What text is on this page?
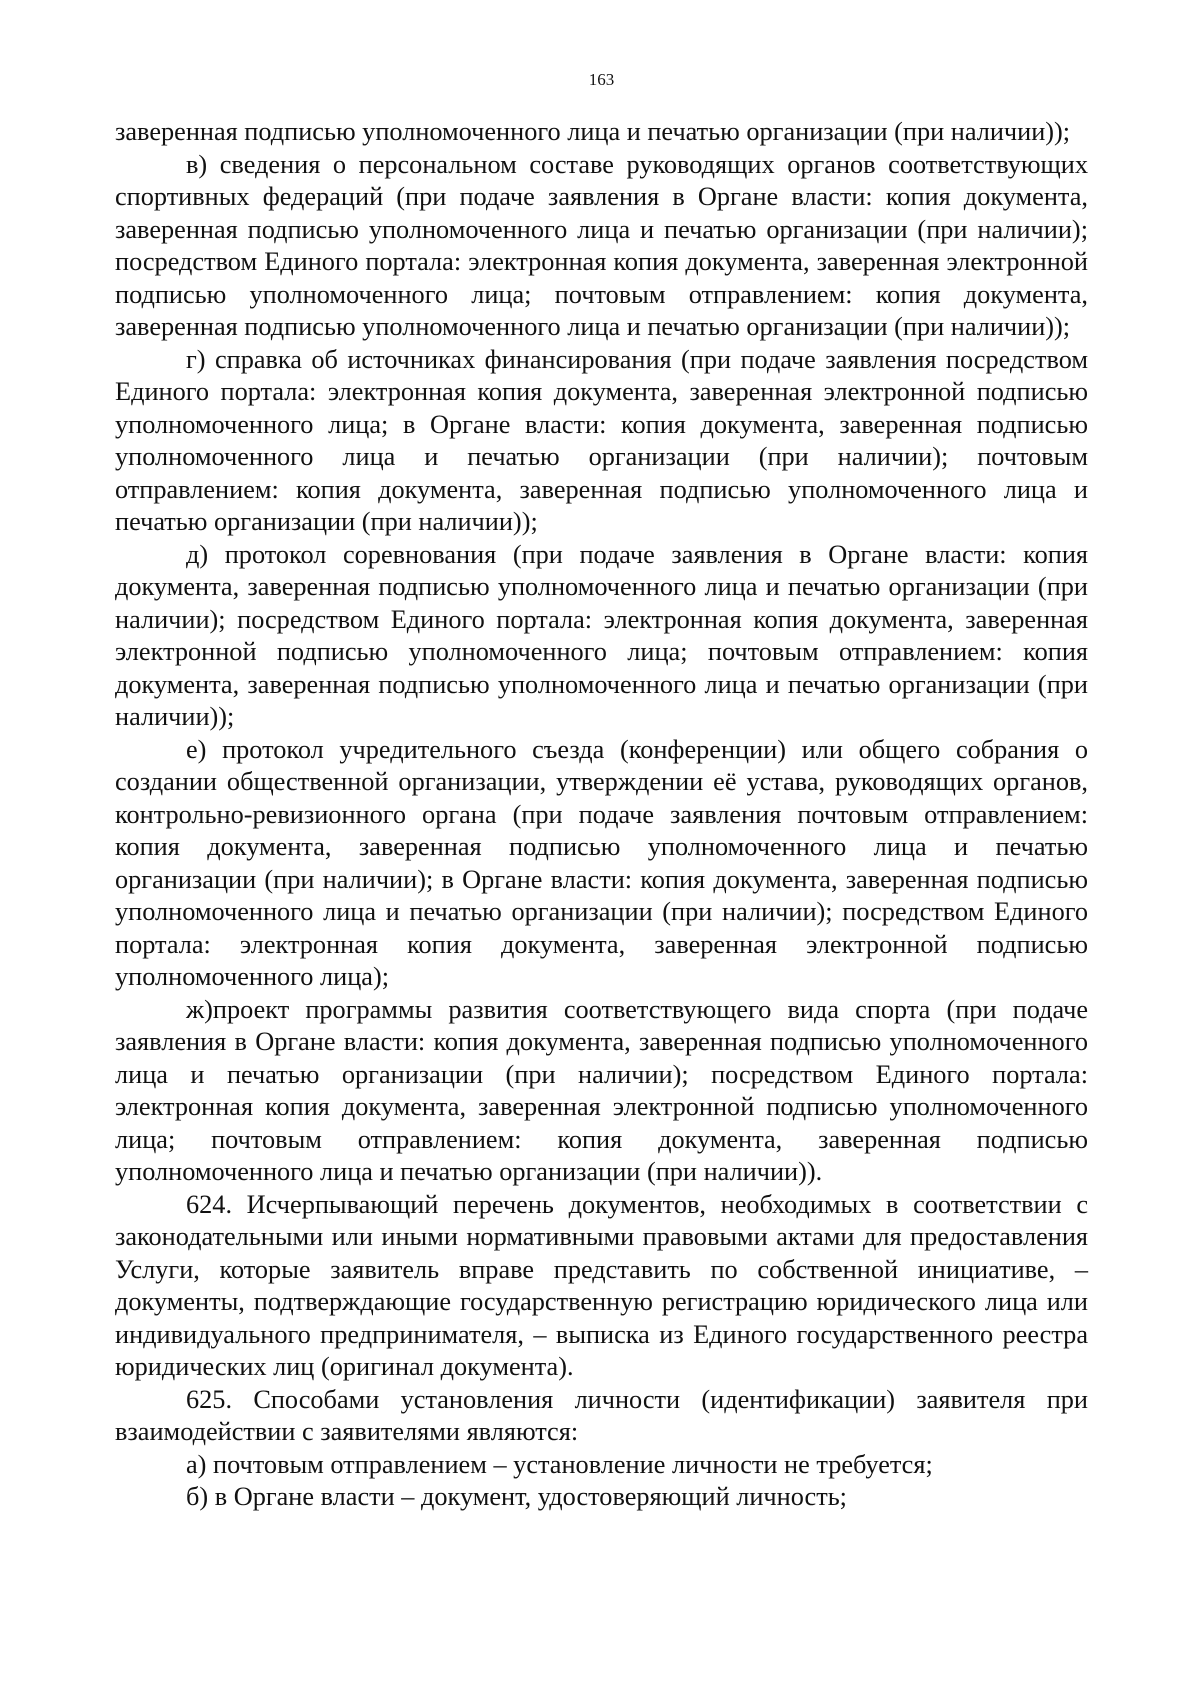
163

заверенная подписью уполномоченного лица и печатью организации (при наличии));

в) сведения о персональном составе руководящих органов соответствующих спортивных федераций (при подаче заявления в Органе власти: копия документа, заверенная подписью уполномоченного лица и печатью организации (при наличии); посредством Единого портала: электронная копия документа, заверенная электронной подписью уполномоченного лица; почтовым отправлением: копия документа, заверенная подписью уполномоченного лица и печатью организации (при наличии));

г) справка об источниках финансирования (при подаче заявления посредством Единого портала: электронная копия документа, заверенная электронной подписью уполномоченного лица; в Органе власти: копия документа, заверенная подписью уполномоченного лица и печатью организации (при наличии); почтовым отправлением: копия документа, заверенная подписью уполномоченного лица и печатью организации (при наличии));

д) протокол соревнования (при подаче заявления в Органе власти: копия документа, заверенная подписью уполномоченного лица и печатью организации (при наличии); посредством Единого портала: электронная копия документа, заверенная электронной подписью уполномоченного лица; почтовым отправлением: копия документа, заверенная подписью уполномоченного лица и печатью организации (при наличии));

е) протокол учредительного съезда (конференции) или общего собрания о создании общественной организации, утверждении её устава, руководящих органов, контрольно-ревизионного органа (при подаче заявления почтовым отправлением: копия документа, заверенная подписью уполномоченного лица и печатью организации (при наличии); в Органе власти: копия документа, заверенная подписью уполномоченного лица и печатью организации (при наличии); посредством Единого портала: электронная копия документа, заверенная электронной подписью уполномоченного лица);

ж)проект программы развития соответствующего вида спорта (при подаче заявления в Органе власти: копия документа, заверенная подписью уполномоченного лица и печатью организации (при наличии); посредством Единого портала: электронная копия документа, заверенная электронной подписью уполномоченного лица; почтовым отправлением: копия документа, заверенная подписью уполномоченного лица и печатью организации (при наличии)).

624. Исчерпывающий перечень документов, необходимых в соответствии с законодательными или иными нормативными правовыми актами для предоставления Услуги, которые заявитель вправе представить по собственной инициативе, – документы, подтверждающие государственную регистрацию юридического лица или индивидуального предпринимателя, – выписка из Единого государственного реестра юридических лиц (оригинал документа).

625. Способами установления личности (идентификации) заявителя при взаимодействии с заявителями являются:

а) почтовым отправлением – установление личности не требуется;

б) в Органе власти – документ, удостоверяющий личность;
